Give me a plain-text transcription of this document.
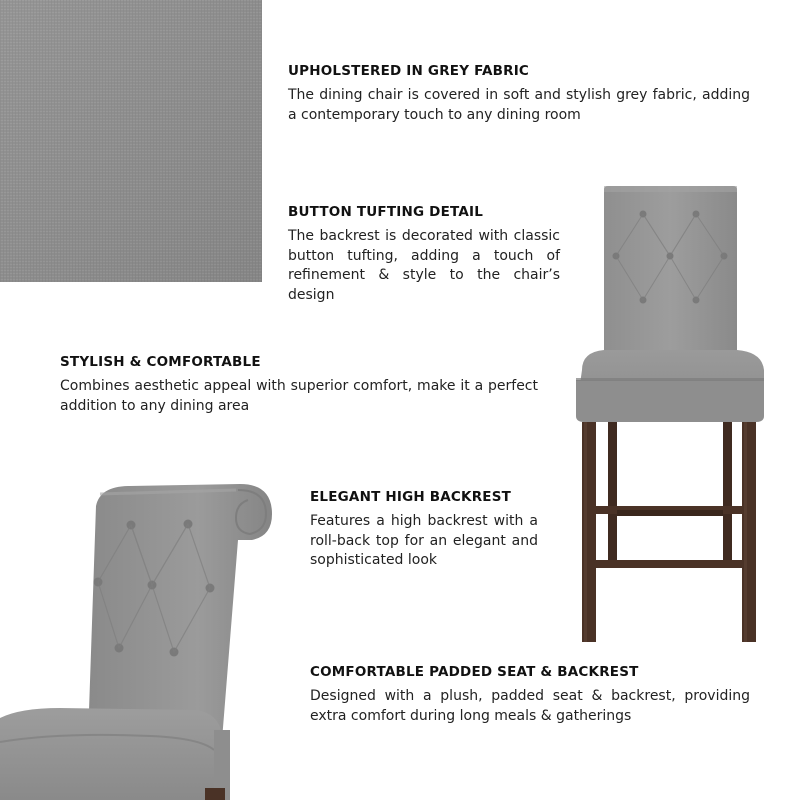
UPHOLSTERED IN GREY FABRIC

The dining chair is covered in soft and stylish grey fabric, adding a contemporary touch to any dining room

BUTTON TUFTING DETAIL

The backrest is decorated with classic button tufting, adding a touch of refinement & style to the chair’s design

STYLISH & COMFORTABLE

Combines aesthetic appeal with superior comfort, make it a perfect addition to any dining area

ELEGANT HIGH BACKREST

Features a high backrest with a roll-back top for an elegant and sophisticated look

COMFORTABLE PADDED SEAT & BACKREST

Designed with a plush, padded seat & backrest, providing extra comfort during long meals & gatherings
